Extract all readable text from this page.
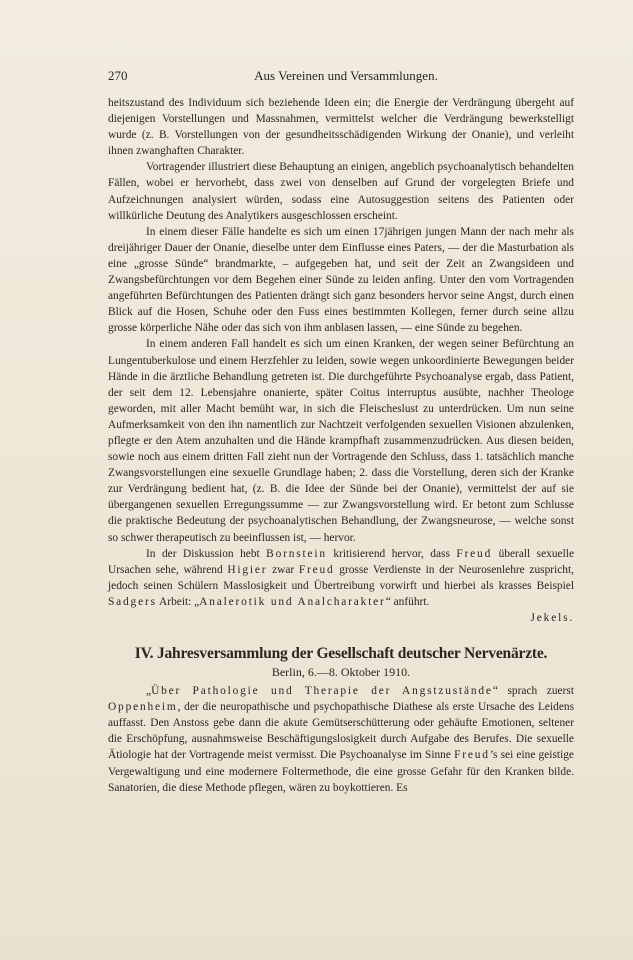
270	Aus Vereinen und Versammlungen.

heitszustand des Individuum sich beziehende Ideen ein; die Energie der Verdrängung übergeht auf diejenigen Vorstellungen und Massnahmen, vermittelst welcher die Verdrängung bewerkstelligt wurde (z. B. Vorstellungen von der gesundheitsschädigenden Wirkung der Onanie), und verleiht ihnen zwanghaften Charakter.

Vortragender illustriert diese Behauptung an einigen, angeblich psychoanalytisch behandelten Fällen, wobei er hervorhebt, dass zwei von denselben auf Grund der vorgelegten Briefe und Aufzeichnungen analysiert würden, sodass eine Autosuggestion seitens des Patienten oder willkürliche Deutung des Analytikers ausgeschlossen erscheint.

In einem dieser Fälle handelte es sich um einen 17jährigen jungen Mann der nach mehr als dreijähriger Dauer der Onanie, dieselbe unter dem Einflusse eines Paters, — der die Masturbation als eine „grosse Sünde“ brandmarkte, – aufgegeben hat, und seit der Zeit an Zwangsideen und Zwangsbefürchtungen vor dem Begehen einer Sünde zu leiden anfing. Unter den vom Vortragenden angeführten Befürchtungen des Patienten drängt sich ganz besonders hervor seine Angst, durch einen Blick auf die Hosen, Schuhe oder den Fuss eines bestimmten Kollegen, ferner durch seine allzu grosse körperliche Nähe oder das sich von ihm anblasen lassen, — eine Sünde zu begehen.

In einem anderen Fall handelt es sich um einen Kranken, der wegen seiner Befürchtung an Lungentuberkulose und einem Herzfehler zu leiden, sowie wegen unkoordinierte Bewegungen beider Hände in die ärztliche Behandlung getreten ist. Die durchgeführte Psychoanalyse ergab, dass Patient, der seit dem 12. Lebensjahre onanierte, später Coitus interruptus ausübte, nachher Theologe geworden, mit aller Macht bemüht war, in sich die Fleischeslust zu unterdrücken. Um nun seine Aufmerksamkeit von den ihn namentlich zur Nachtzeit verfolgenden sexuellen Visionen abzulenken, pflegte er den Atem anzuhalten und die Hände krampfhaft zusammenzudrücken. Aus diesen beiden, sowie noch aus einem dritten Fall zieht nun der Vortragende den Schluss, dass 1. tatsächlich manche Zwangsvorstellungen eine sexuelle Grundlage haben; 2. dass die Vorstellung, deren sich der Kranke zur Verdrängung bedient hat, (z. B. die Idee der Sünde bei der Onanie), vermittelst der auf sie übergangenen sexuellen Erregungssumme — zur Zwangsvorstellung wird. Er betont zum Schlusse die praktische Bedeutung der psychoanalytischen Behandlung, der Zwangsneurose, — welche sonst so schwer therapeutisch zu beeinflussen ist, — hervor.

In der Diskussion hebt Bornstein kritisierend hervor, dass Freud überall sexuelle Ursachen sehe, während Higier zwar Freud grosse Verdienste in der Neurosenlehre zuspricht, jedoch seinen Schülern Masslosigkeit und Übertreibung vorwirft und hierbei als krasses Beispiel Sadgers Arbeit: „Analerotik und Analcharakter“ anführt.

Jekels.

IV. Jahresversammlung der Gesellschaft deutscher Nervenärzte.
Berlin, 6.—8. Oktober 1910.

„Über Pathologie und Therapie der Angstzustände“ sprach zuerst Oppenheim, der die neuropathische und psychopathische Diathese als erste Ursache des Leidens auffasst. Den Anstoss gebe dann die akute Gemütserschütterung oder gehäufte Emotionen, seltener die Erschöpfung, ausnahmsweise Beschäftigungslosigkeit durch Aufgabe des Berufes. Die sexuelle Ätiologie hat der Vortragende meist vermisst. Die Psychoanalyse im Sinne Freud’s sei eine geistige Vergewaltigung und eine modernere Foltermethode, die eine grosse Gefahr für den Kranken bilde. Sanatorien, die diese Methode pflegen, wären zu boykottieren. Es
